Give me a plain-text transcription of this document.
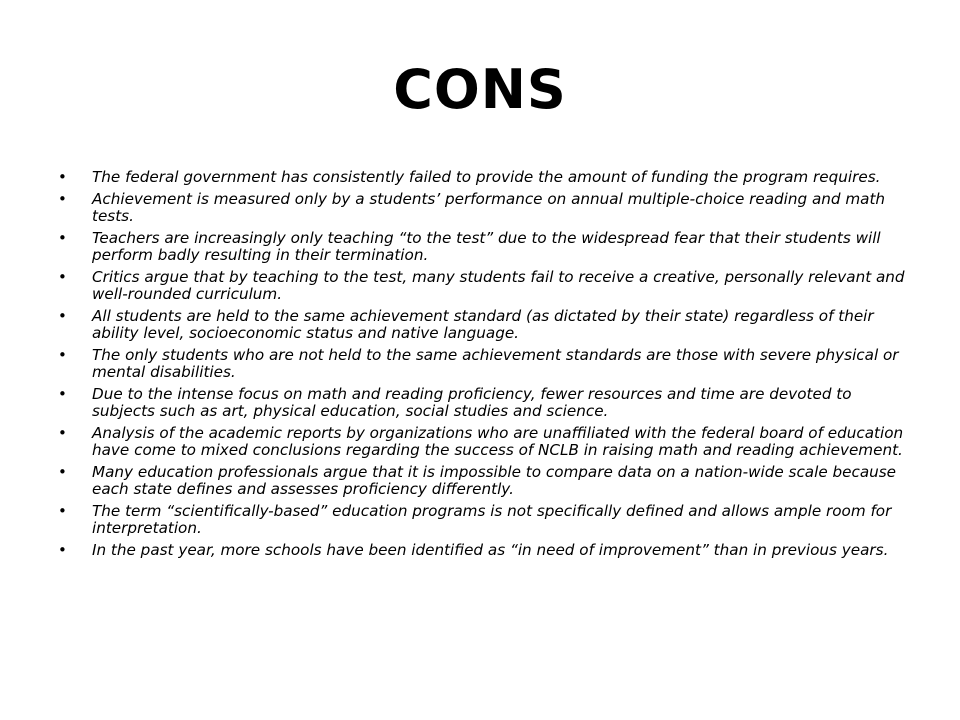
CONS
• The federal government has consistently failed to provide the amount of funding the program requires.
• Achievement is measured only by a students’ performance on annual multiple-choice reading and math tests.
• Teachers are increasingly only teaching “to the test” due to the widespread fear that their students will perform badly resulting in their termination.
• Critics argue that by teaching to the test, many students fail to receive a creative, personally relevant and well-rounded curriculum.
• All students are held to the same achievement standard (as dictated by their state) regardless of their ability level, socioeconomic status and native language.
• The only students who are not held to the same achievement standards are those with severe physical or mental disabilities.
• Due to the intense focus on math and reading proficiency, fewer resources and time are devoted to subjects such as art, physical education, social studies and science.
• Analysis of the academic reports by organizations who are unaffiliated with the federal board of education have come to mixed conclusions regarding the success of NCLB in raising math and reading achievement.
• Many education professionals argue that it is impossible to compare data on a nation-wide scale because each state defines and assesses proficiency differently.
• The term “scientifically-based” education programs is not specifically defined and allows ample room for interpretation.
• In the past year, more schools have been identified as “in need of improvement” than in previous years.
